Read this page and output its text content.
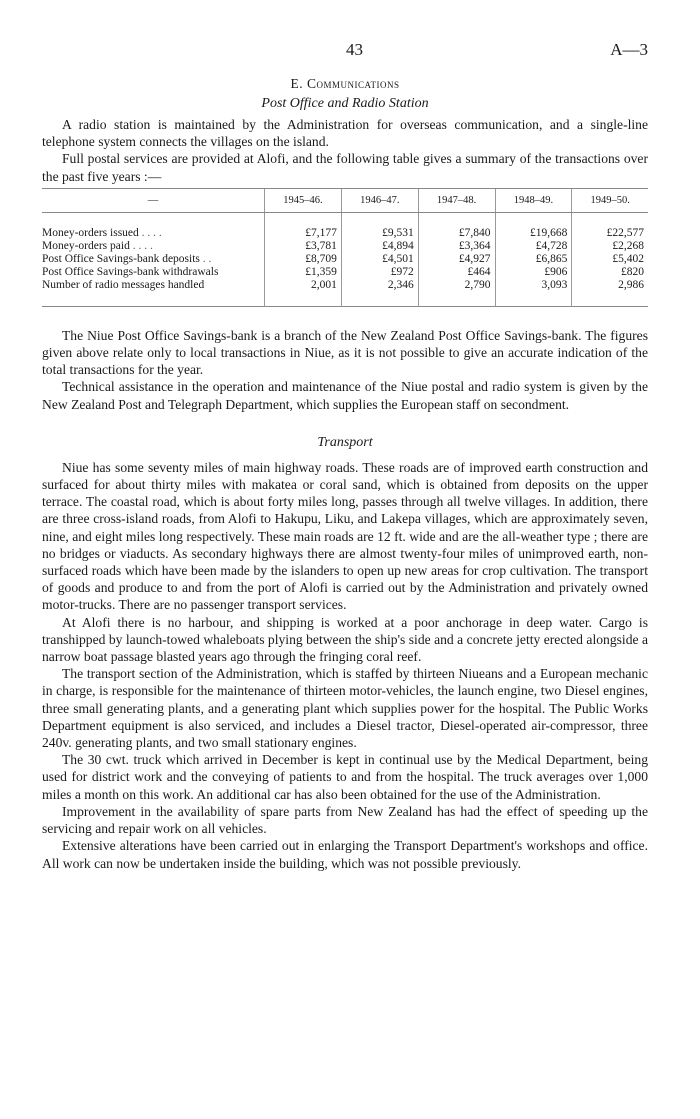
43	A—3
E. Communications
Post Office and Radio Station

A radio station is maintained by the Administration for overseas communication, and a single-line telephone system connects the villages on the island.

Full postal services are provided at Alofi, and the following table gives a summary of the transactions over the past five years :—

—	1945–46.	1946–47.	1947–48.	1948–49.	1949–50.
Money-orders issued . . . .	£7,177	£9,531	£7,840	£19,668	£22,577
Money-orders paid . . . .	£3,781	£4,894	£3,364	£4,728	£2,268
Post Office Savings-bank deposits . .	£8,709	£4,501	£4,927	£6,865	£5,402
Post Office Savings-bank withdrawals	£1,359	£972	£464	£906	£820
Number of radio messages handled	2,001	2,346	2,790	3,093	2,986

The Niue Post Office Savings-bank is a branch of the New Zealand Post Office Savings-bank. The figures given above relate only to local transactions in Niue, as it is not possible to give an accurate indication of the total transactions for the year.

Technical assistance in the operation and maintenance of the Niue postal and radio system is given by the New Zealand Post and Telegraph Department, which supplies the European staff on secondment.

Transport

Niue has some seventy miles of main highway roads. These roads are of improved earth construction and surfaced for about thirty miles with makatea or coral sand, which is obtained from deposits on the upper terrace. The coastal road, which is about forty miles long, passes through all twelve villages. In addition, there are three cross-island roads, from Alofi to Hakupu, Liku, and Lakepa villages, which are approximately seven, nine, and eight miles long respectively. These main roads are 12 ft. wide and are the all-weather type ; there are no bridges or viaducts. As secondary highways there are almost twenty-four miles of unimproved earth, non-surfaced roads which have been made by the islanders to open up new areas for crop cultivation. The transport of goods and produce to and from the port of Alofi is carried out by the Administration and privately owned motor-trucks. There are no passenger transport services.

At Alofi there is no harbour, and shipping is worked at a poor anchorage in deep water. Cargo is transhipped by launch-towed whaleboats plying between the ship's side and a concrete jetty erected alongside a narrow boat passage blasted years ago through the fringing coral reef.

The transport section of the Administration, which is staffed by thirteen Niueans and a European mechanic in charge, is responsible for the maintenance of thirteen motor-vehicles, the launch engine, two Diesel engines, three small generating plants, and a generating plant which supplies power for the hospital. The Public Works Department equipment is also serviced, and includes a Diesel tractor, Diesel-operated air-compressor, three 240v. generating plants, and two small stationary engines.

The 30 cwt. truck which arrived in December is kept in continual use by the Medical Department, being used for district work and the conveying of patients to and from the hospital. The truck averages over 1,000 miles a month on this work. An additional car has also been obtained for the use of the Administration.

Improvement in the availability of spare parts from New Zealand has had the effect of speeding up the servicing and repair work on all vehicles.

Extensive alterations have been carried out in enlarging the Transport Department's workshops and office. All work can now be undertaken inside the building, which was not possible previously.
